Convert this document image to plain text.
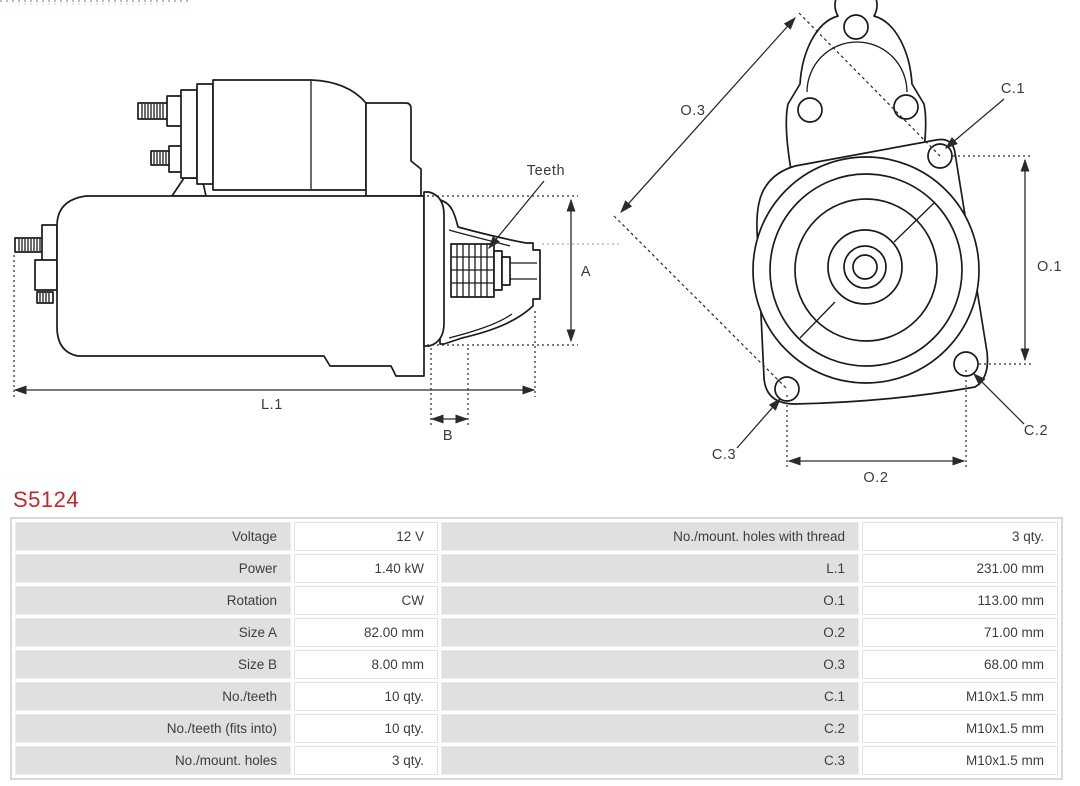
Teeth
A
L.1
B
O.3
O.1
O.2
C.1
C.2
C.3
S5124
Voltage	12 V	No./mount. holes with thread	3 qty.
Power	1.40 kW	L.1	231.00 mm
Rotation	CW	O.1	113.00 mm
Size A	82.00 mm	O.2	71.00 mm
Size B	8.00 mm	O.3	68.00 mm
No./teeth	10 qty.	C.1	M10x1.5 mm
No./teeth (fits into)	10 qty.	C.2	M10x1.5 mm
No./mount. holes	3 qty.	C.3	M10x1.5 mm
